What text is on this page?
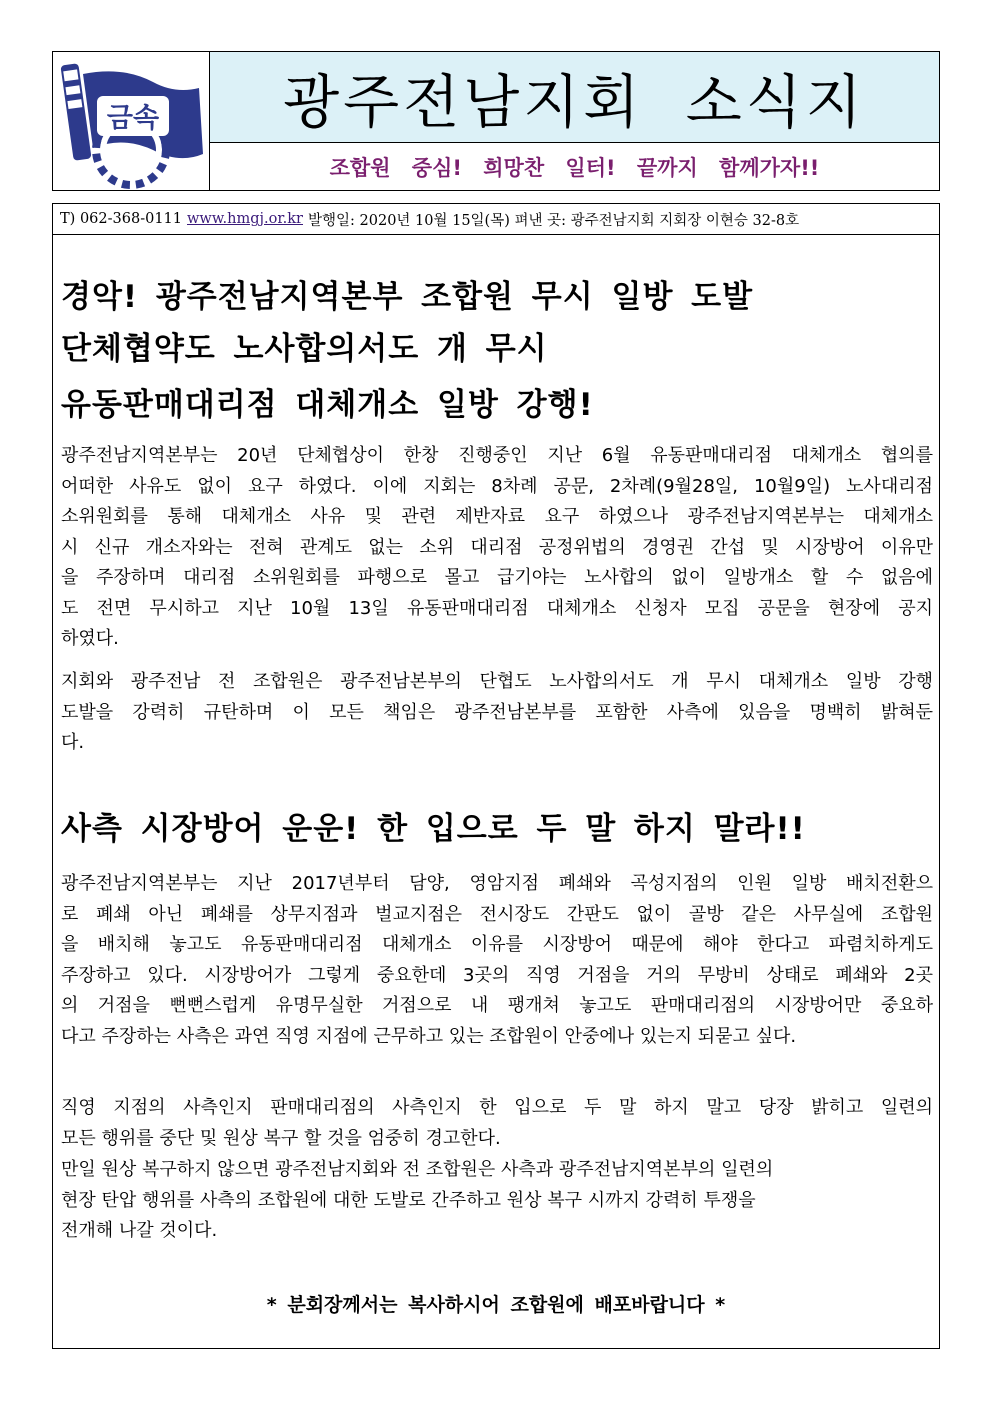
금속 광주전남지회 소식지
조합원 중심! 희망찬 일터! 끝까지 함께가자!!
T) 062-368-0111 www.hmgj.or.kr 발행일: 2020년 10월 15일(목) 펴낸 곳: 광주전남지회 지회장 이현승 32-8호
경악! 광주전남지역본부 조합원 무시 일방 도발
단체협약도 노사합의서도 개 무시
유동판매대리점 대체개소 일방 강행!
광주전남지역본부는 20년 단체협상이 한창 진행중인 지난 6월 유동판매대리점 대체개소 협의를
어떠한 사유도 없이 요구 하였다. 이에 지회는 8차례 공문, 2차례(9월28일, 10월9일) 노사대리점
소위원회를 통해 대체개소 사유 및 관련 제반자료 요구 하였으나 광주전남지역본부는 대체개소
시 신규 개소자와는 전혀 관계도 없는 소위 대리점 공정위법의 경영권 간섭 및 시장방어 이유만
을 주장하며 대리점 소위원회를 파행으로 몰고 급기야는 노사합의 없이 일방개소 할 수 없음에
도 전면 무시하고 지난 10월 13일 유동판매대리점 대체개소 신청자 모집 공문을 현장에 공지
하였다.
지회와 광주전남 전 조합원은 광주전남본부의 단협도 노사합의서도 개 무시 대체개소 일방 강행
도발을 강력히 규탄하며 이 모든 책임은 광주전남본부를 포함한 사측에 있음을 명백히 밝혀둔
다.
사측 시장방어 운운! 한 입으로 두 말 하지 말라!!
광주전남지역본부는 지난 2017년부터 담양, 영암지점 폐쇄와 곡성지점의 인원 일방 배치전환으
로 폐쇄 아닌 폐쇄를 상무지점과 벌교지점은 전시장도 간판도 없이 골방 같은 사무실에 조합원
을 배치해 놓고도 유동판매대리점 대체개소 이유를 시장방어 때문에 해야 한다고 파렴치하게도
주장하고 있다. 시장방어가 그렇게 중요한데 3곳의 직영 거점을 거의 무방비 상태로 폐쇄와 2곳
의 거점을 뻔뻔스럽게 유명무실한 거점으로 내 팽개쳐 놓고도 판매대리점의 시장방어만 중요하
다고 주장하는 사측은 과연 직영 지점에 근무하고 있는 조합원이 안중에나 있는지 되묻고 싶다.
직영 지점의 사측인지 판매대리점의 사측인지 한 입으로 두 말 하지 말고 당장 밝히고 일련의
모든 행위를 중단 및 원상 복구 할 것을 엄중히 경고한다.
만일 원상 복구하지 않으면 광주전남지회와 전 조합원은 사측과 광주전남지역본부의 일련의
현장 탄압 행위를 사측의 조합원에 대한 도발로 간주하고 원상 복구 시까지 강력히 투쟁을
전개해 나갈 것이다.
* 분회장께서는 복사하시어 조합원에 배포바랍니다 *
